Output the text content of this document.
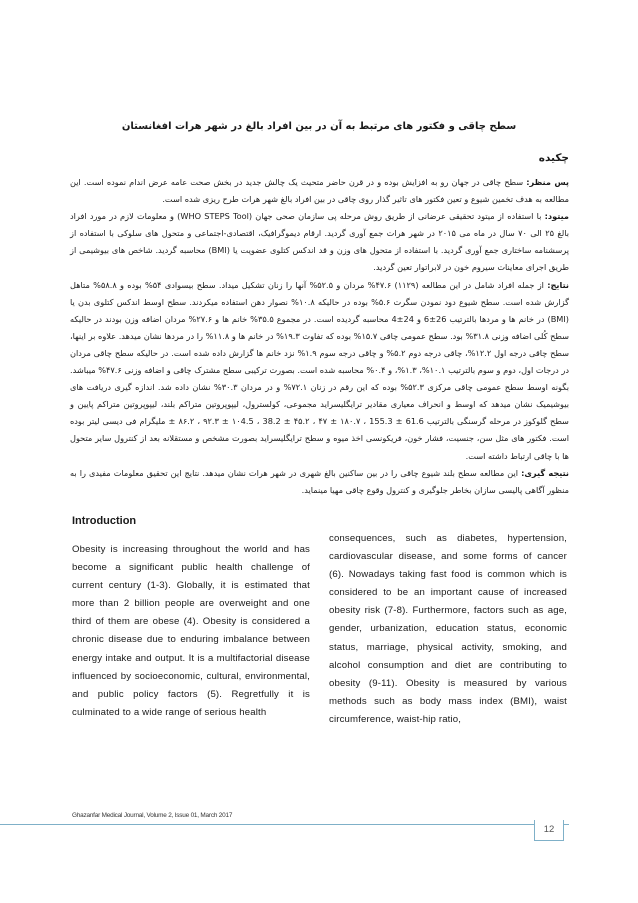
سطح چاقی و فکتور های مرتبط به آن در بین افراد بالغ در شهر هرات افغانستان
چکیده

پس منظر: سطح چاقی در جهان رو به افزایش بوده و در قرن حاضر متحیث یک چالش جدید در بخش صحت عامه عرض اندام نموده است. این مطالعه به هدف تخمین شیوع و تعین فکتور های تاثیر گذار روی چاقی در بین افراد بالغ شهر هرات طرح ریزی شده است.

میتود: با استفاده از میتود تحقیقی عرضانی از طریق روش مرحله پی سازمان صحی جهان (WHO STEPS Tool) و معلومات لازم در مورد افراد بالغ ۲۵ الی ۷۰ سال در ماه می ۲۰۱۵ در شهر هرات جمع آوری گردید. ارقام دیموگرافیک، اقتصادی-اجتماعی و متحول های سلوکی با استفاده از پرسشنامه ساختاری جمع آوری گردید. با استفاده از متحول های وزن و قد اندکس کتلوی عضویت یا (BMI) محاسبه گردید. شاخص های بیوشیمی از طریق اجرای معاینات سیروم خون در لابراتوار تعین گردید.

نتایج: از جمله افراد شامل در این مطالعه (۱۱۲۹) ۴۷.۶% مردان و ۵۲.۵% آنها را زنان تشکیل میداد. سطح بیسوادی ۵۴% بوده و ۵۸.۸% متاهل گزارش شده است. سطح شیوع دود نمودن سگرت ۵.۶% بوده در حالیکه ۱۰.۸% نصوار دهن استفاده میکردند. سطح اوسط اندکس کتلوی بدن یا (BMI) در خانم ها و مردها بالترتیب 26±6 و 24±4 محاسبه گردیده است. در مجموع ۳۵.۵% خانم ها و ۲۷.۶% مردان اضافه وزن بودند در حالیکه سطح کُلی اضافه وزنی ۳۱.۸% بود. سطح عمومی چاقی ۱۵.۷% بوده که تفاوت ۱۹.۳% در خانم ها و ۱۱.۸% را در مردها نشان میدهد. علاوه بر اینها، سطح چاقی درجه اول ۱۲.۲%، چاقی درجه دوم ۵.۲% و چاقی درجه سوم ۱.۹% نزد خانم ها گزارش داده شده است. در حالیکه سطح چاقی مردان در درجات اول، دوم و سوم بالترتیب ۱۰.۱%، ۱.۳%، و ۰.۴% محاسبه شده است. بصورت ترکیبی سطح مشترک چاقی و اضافه وزنی ۴۷.۶% میباشد. بگونه اوسط سطح عمومی چاقی مرکزی ۵۲.۳% بوده که این رقم در زنان ۷۲.۱% و در مردان ۳۰.۳% نشان داده شد. اندازه گیری دریافت های بیوشیمیک نشان میدهد که اوسط و انحراف معیاری مقادیر ترایگلیسراید مجموعی، کولسترول، لیپوپروتین متراکم بلند، لیپوپروتین متراکم پایین و سطح گلوکوز در مرحله گرسنگی بالترتیب 61.6 ± 155.3 ، ۱۸۰.۷ ± ۴۷ ، ۴۵.۲ ± 38.2 ، ۱۰4.5 ± ۹۲.۳ ، ۸۶.۲ ± ملیگرام فی دیسی لیتر بوده است. فکتور های مثل سن، جنسیت، فشار خون، فریکونسی اخذ میوه و سطح ترایگلیسراید بصورت مشخص و مستقلانه بعد از کنترول سایر متحول ها با چاقی ارتباط داشته است.

نتیجه گیری: این مطالعه سطح بلند شیوع چاقی را در بین ساکنین بالغ شهری در شهر هرات نشان میدهد. نتایج این تحقیق معلومات مفیدی را به منظور آگاهی پالیسی سازان بخاطر جلوگیری و کنترول وقوع چاقی مهیا مینماید.

Introduction

Obesity is increasing throughout the world and has become a significant public health challenge of current century (1-3). Globally, it is estimated that more than 2 billion people are overweight and one third of them are obese (4). Obesity is considered a chronic disease due to enduring imbalance between energy intake and output. It is a multifactorial disease influenced by socioeconomic, cultural, environmental, and public policy factors (5). Regretfully it is culminated to a wide range of serious health

consequences, such as diabetes, hypertension, cardiovascular disease, and some forms of cancer (6). Nowadays taking fast food is common which is considered to be an important cause of increased obesity risk (7-8). Furthermore, factors such as age, gender, urbanization, education status, economic status, marriage, physical activity, smoking, and alcohol consumption and diet are contributing to obesity (9-11). Obesity is measured by various methods such as body mass index (BMI), waist circumference, waist-hip ratio,

Ghazanfar Medical Journal, Volume 2, Issue 01, March 2017
12
